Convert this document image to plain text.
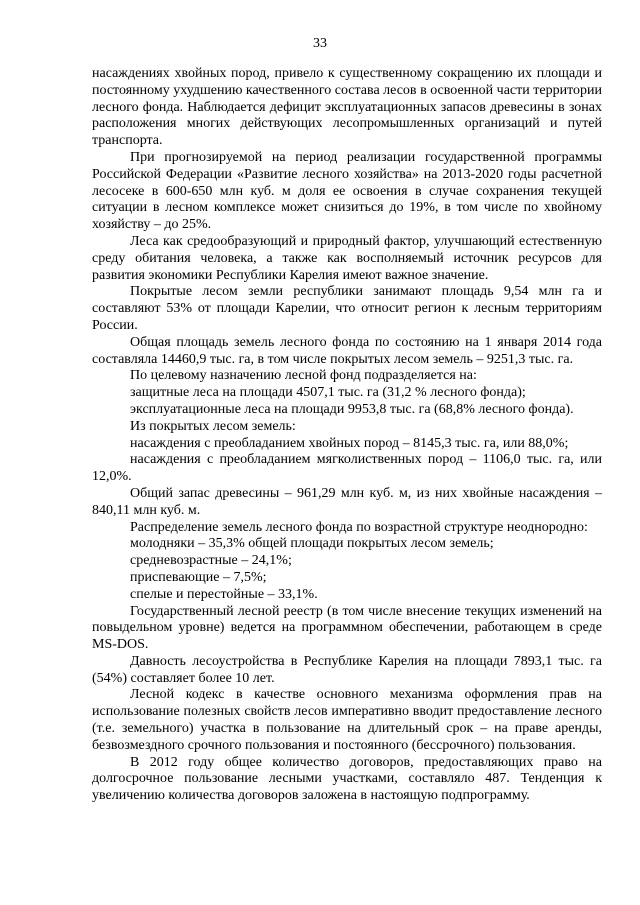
33

насаждениях хвойных пород, привело к существенному сокращению их площади и постоянному ухудшению качественного состава лесов в освоенной части территории лесного фонда. Наблюдается дефицит эксплуатационных запасов древесины в зонах расположения многих действующих лесопромышленных организаций и путей транспорта.

При прогнозируемой на период реализации государственной программы Российской Федерации «Развитие лесного хозяйства» на 2013-2020 годы расчетной лесосеке в 600-650 млн куб. м доля ее освоения в случае сохранения текущей ситуации в лесном комплексе может снизиться до 19%, в том числе по хвойному хозяйству – до 25%.

Леса как средообразующий и природный фактор, улучшающий естественную среду обитания человека, а также как восполняемый источник ресурсов для развития экономики Республики Карелия имеют важное значение.

Покрытые лесом земли республики занимают площадь 9,54 млн га и составляют 53% от площади Карелии, что относит регион к лесным территориям России.

Общая площадь земель лесного фонда по состоянию на 1 января 2014 года составляла 14460,9 тыс. га, в том числе покрытых лесом земель – 9251,3 тыс. га.

По целевому назначению лесной фонд подразделяется на:

защитные леса на площади 4507,1 тыс. га (31,2 % лесного фонда);

эксплуатационные леса на площади 9953,8 тыс. га (68,8% лесного фонда).

Из покрытых лесом земель:

насаждения с преобладанием хвойных пород – 8145,3 тыс. га, или 88,0%;

насаждения с преобладанием мягколиственных пород – 1106,0 тыс. га, или 12,0%.

Общий запас древесины – 961,29 млн куб. м, из них хвойные насаждения – 840,11 млн куб. м.

Распределение земель лесного фонда по возрастной структуре неоднородно:

молодняки – 35,3% общей площади покрытых лесом земель;

средневозрастные – 24,1%;

приспевающие – 7,5%;

спелые и перестойные – 33,1%.

Государственный лесной реестр (в том числе внесение текущих изменений на повыдельном уровне) ведется на программном обеспечении, работающем в среде MS-DOS.

Давность лесоустройства в Республике Карелия на площади 7893,1 тыс. га (54%) составляет более 10 лет.

Лесной кодекс в качестве основного механизма оформления прав на использование полезных свойств лесов императивно вводит предоставление лесного (т.е. земельного) участка в пользование на длительный срок – на праве аренды, безвозмездного срочного пользования и постоянного (бессрочного) пользования.

В 2012 году общее количество договоров, предоставляющих право на долгосрочное пользование лесными участками, составляло 487. Тенденция к увеличению количества договоров заложена в настоящую подпрограмму.
